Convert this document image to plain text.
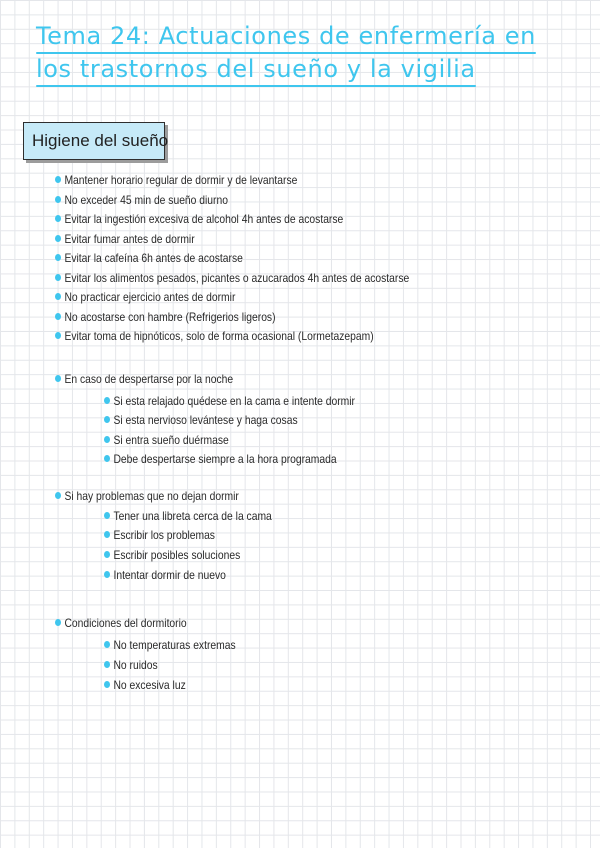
Tema 24: Actuaciones de enfermería en
los trastornos del sueño y la vigilia
Higiene del sueño
Mantener horario regular de dormir y de levantarse
No exceder 45 min de sueño diurno
Evitar la ingestión excesiva de alcohol 4h antes de acostarse
Evitar fumar antes de dormir
Evitar la cafeína 6h antes de acostarse
Evitar los alimentos pesados, picantes o azucarados 4h antes de acostarse
No practicar ejercicio antes de dormir
No acostarse con hambre (Refrigerios ligeros)
Evitar toma de hipnóticos, solo de forma ocasional (Lormetazepam)
En caso de despertarse por la noche
Si esta relajado quédese en la cama e intente dormir
Si esta nervioso levántese y haga cosas
Si entra sueño duérmase
Debe despertarse siempre a la hora programada
Si hay problemas que no dejan dormir
Tener una libreta cerca de la cama
Escribir los problemas
Escribir posibles soluciones
Intentar dormir de nuevo
Condiciones del dormitorio
No temperaturas extremas
No ruidos
No excesiva luz
